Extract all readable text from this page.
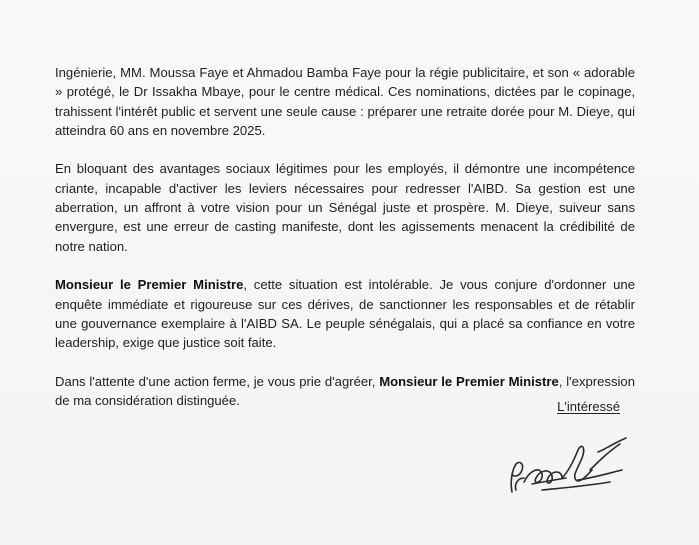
Ingénierie, MM. Moussa Faye et Ahmadou Bamba Faye pour la régie publicitaire, et son « adorable » protégé, le Dr Issakha Mbaye, pour le centre médical. Ces nominations, dictées par le copinage, trahissent l'intérêt public et servent une seule cause : préparer une retraite dorée pour M. Dieye, qui atteindra 60 ans en novembre 2025.

En bloquant des avantages sociaux légitimes pour les employés, il démontre une incompétence criante, incapable d'activer les leviers nécessaires pour redresser l'AIBD. Sa gestion est une aberration, un affront à votre vision pour un Sénégal juste et prospère. M. Dieye, suiveur sans envergure, est une erreur de casting manifeste, dont les agissements menacent la crédibilité de notre nation.

Monsieur le Premier Ministre, cette situation est intolérable. Je vous conjure d'ordonner une enquête immédiate et rigoureuse sur ces dérives, de sanctionner les responsables et de rétablir une gouvernance exemplaire à l'AIBD SA. Le peuple sénégalais, qui a placé sa confiance en votre leadership, exige que justice soit faite.

Dans l'attente d'une action ferme, je vous prie d'agréer, Monsieur le Premier Ministre, l'expression de ma considération distinguée.	L'intéressé
